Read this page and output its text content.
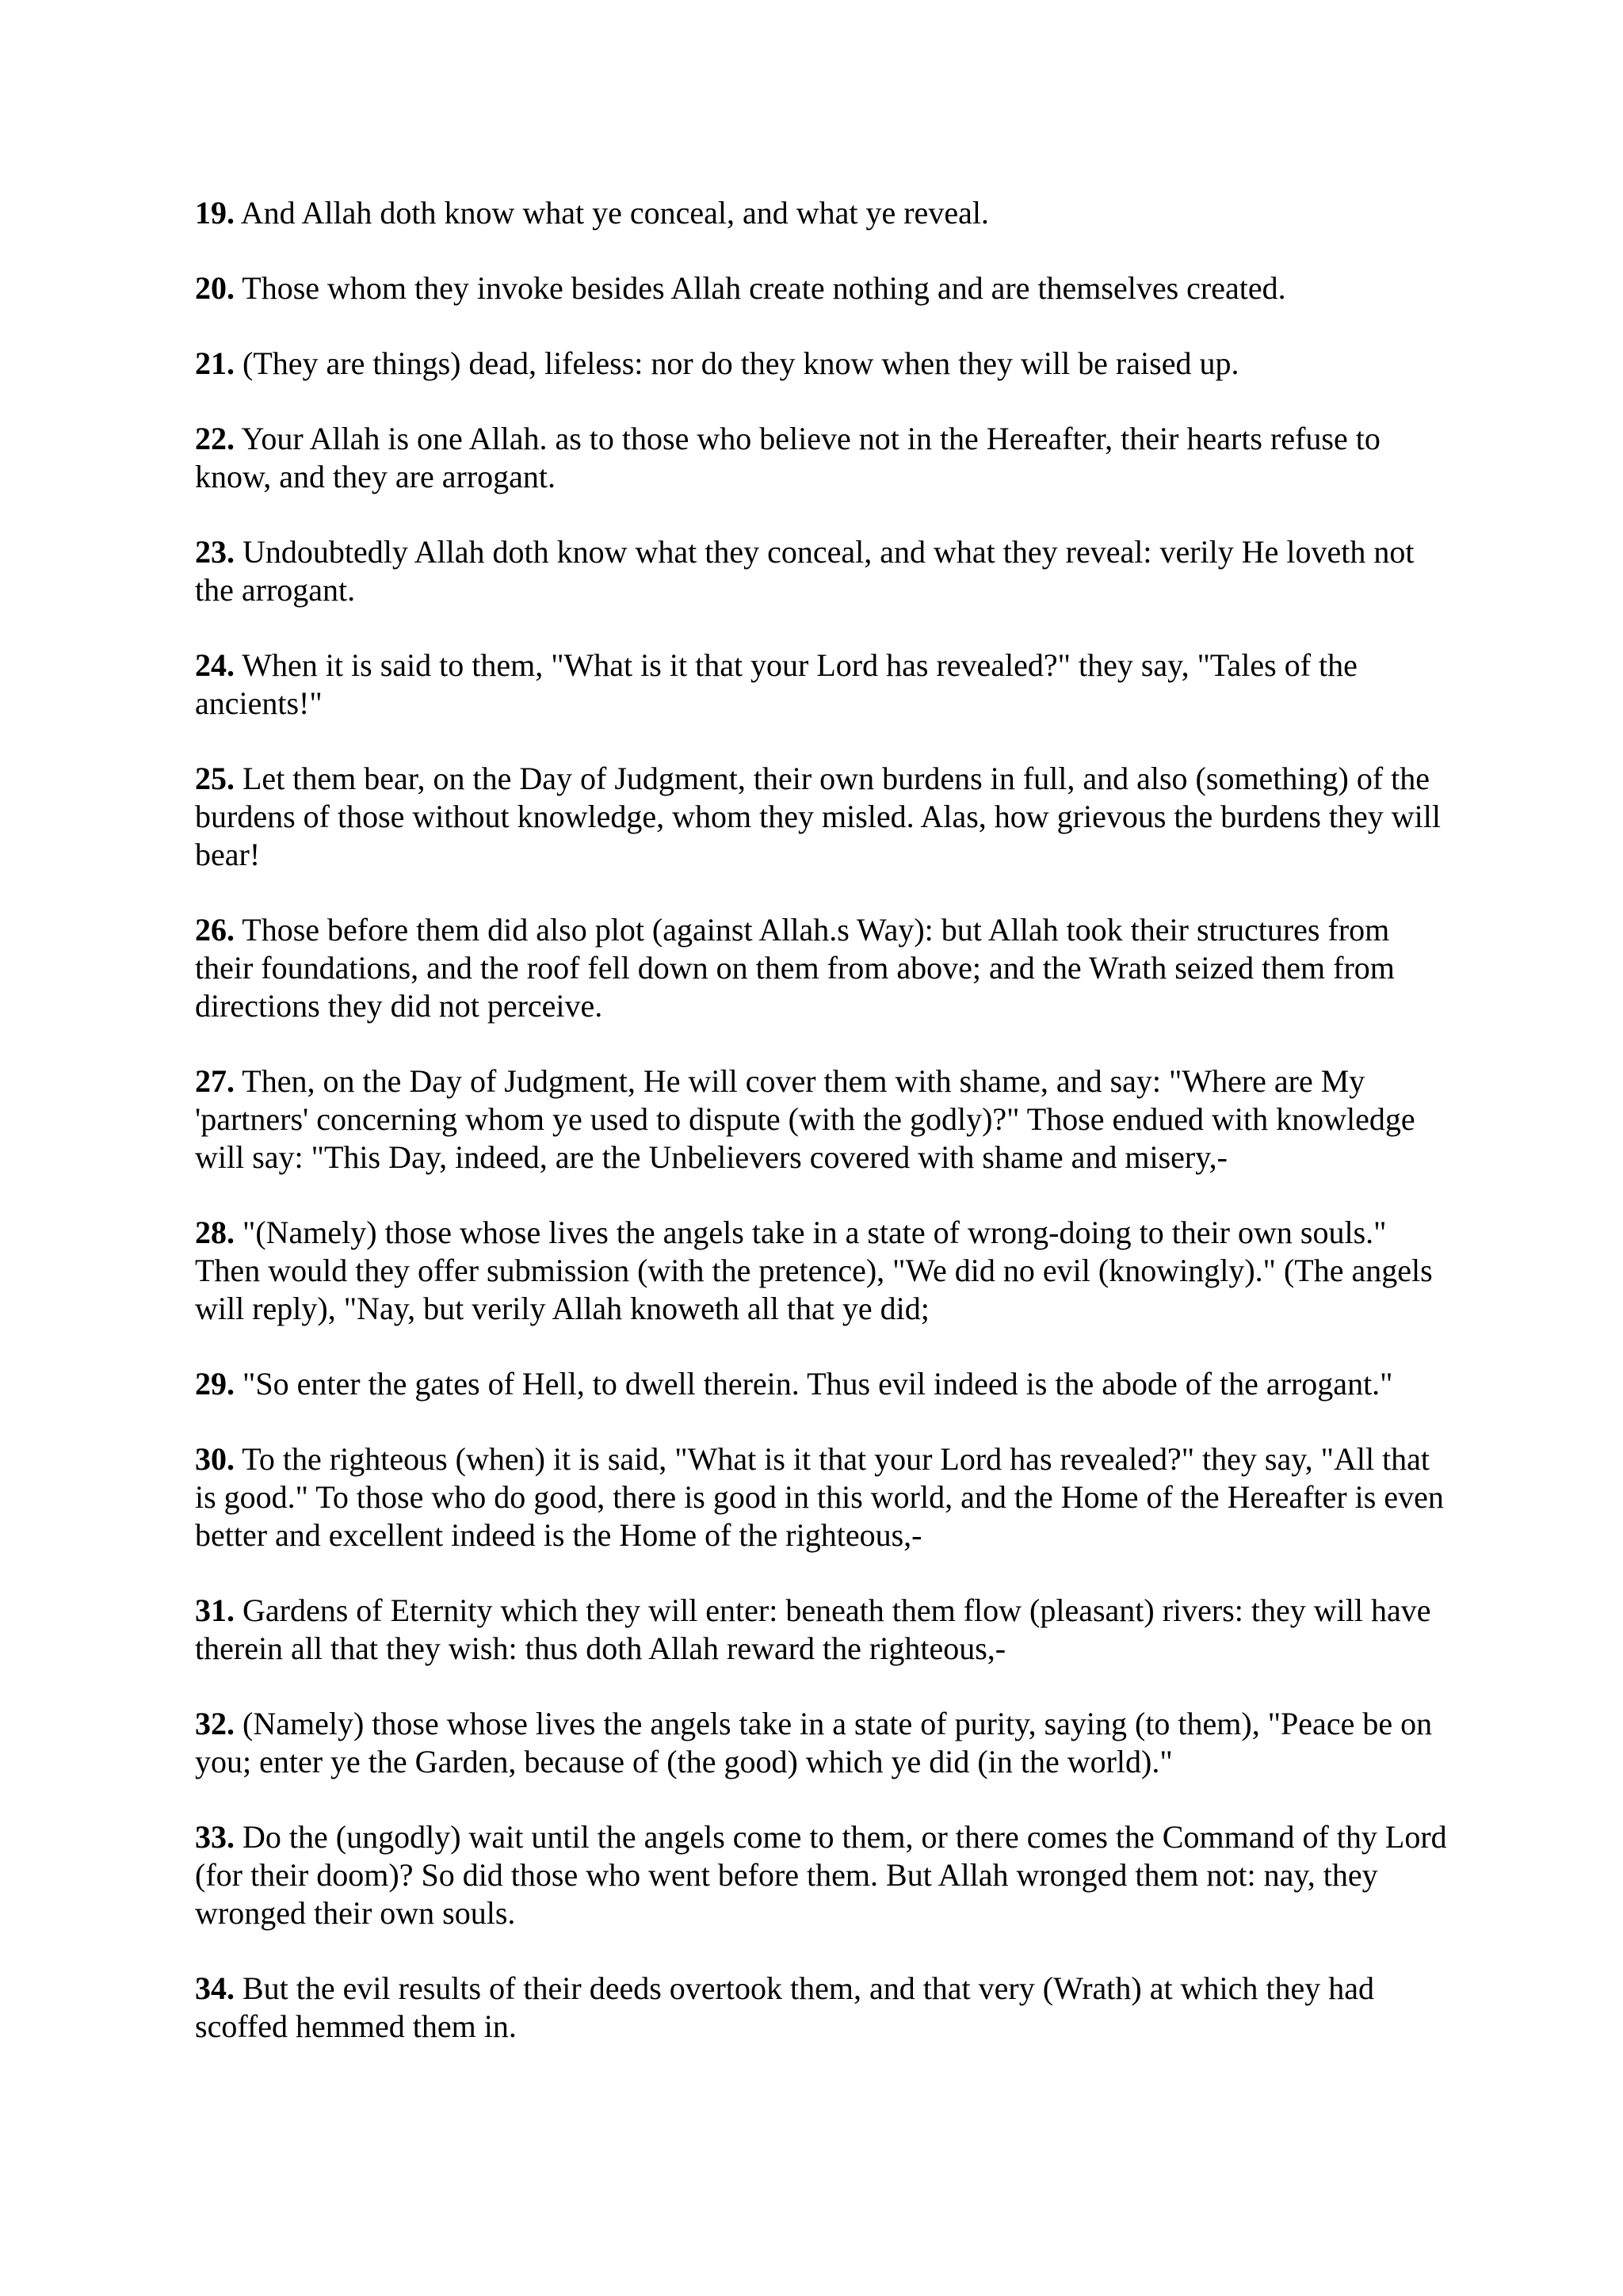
19. And Allah doth know what ye conceal, and what ye reveal.

20. Those whom they invoke besides Allah create nothing and are themselves created.

21. (They are things) dead, lifeless: nor do they know when they will be raised up.

22. Your Allah is one Allah. as to those who believe not in the Hereafter, their hearts refuse to know, and they are arrogant.

23. Undoubtedly Allah doth know what they conceal, and what they reveal: verily He loveth not the arrogant.

24. When it is said to them, "What is it that your Lord has revealed?" they say, "Tales of the ancients!"

25. Let them bear, on the Day of Judgment, their own burdens in full, and also (something) of the burdens of those without knowledge, whom they misled. Alas, how grievous the burdens they will bear!

26. Those before them did also plot (against Allah.s Way): but Allah took their structures from their foundations, and the roof fell down on them from above; and the Wrath seized them from directions they did not perceive.

27. Then, on the Day of Judgment, He will cover them with shame, and say: "Where are My 'partners' concerning whom ye used to dispute (with the godly)?" Those endued with knowledge will say: "This Day, indeed, are the Unbelievers covered with shame and misery,-

28. "(Namely) those whose lives the angels take in a state of wrong-doing to their own souls." Then would they offer submission (with the pretence), "We did no evil (knowingly)." (The angels will reply), "Nay, but verily Allah knoweth all that ye did;

29. "So enter the gates of Hell, to dwell therein. Thus evil indeed is the abode of the arrogant."

30. To the righteous (when) it is said, "What is it that your Lord has revealed?" they say, "All that is good." To those who do good, there is good in this world, and the Home of the Hereafter is even better and excellent indeed is the Home of the righteous,-

31. Gardens of Eternity which they will enter: beneath them flow (pleasant) rivers: they will have therein all that they wish: thus doth Allah reward the righteous,-

32. (Namely) those whose lives the angels take in a state of purity, saying (to them), "Peace be on you; enter ye the Garden, because of (the good) which ye did (in the world)."

33. Do the (ungodly) wait until the angels come to them, or there comes the Command of thy Lord (for their doom)? So did those who went before them. But Allah wronged them not: nay, they wronged their own souls.

34. But the evil results of their deeds overtook them, and that very (Wrath) at which they had scoffed hemmed them in.
